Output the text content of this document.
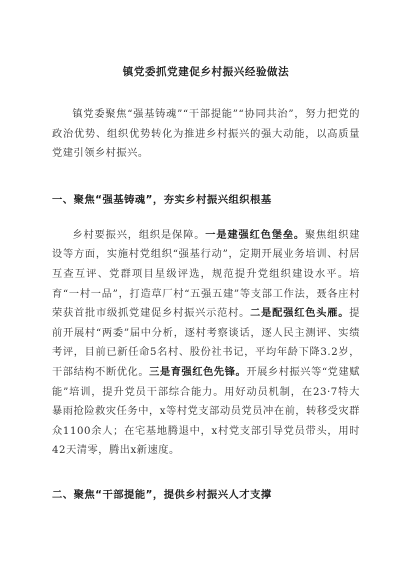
镇党委抓党建促乡村振兴经验做法

镇党委聚焦“强基铸魂”“干部提能”“协同共治”，努力把党的政治优势、组织优势转化为推进乡村振兴的强大动能，以高质量党建引领乡村振兴。

一、聚焦“强基铸魂”，夯实乡村振兴组织根基

乡村要振兴，组织是保障。一是建强红色堡垒。聚焦组织建设等方面，实施村党组织“强基行动”，定期开展业务培训、村居互查互评、党群项目星级评选，规范提升党组织建设水平。培育“一村一品”，打造草厂村“五强五建”等支部工作法，聂各庄村荣获首批市级抓党建促乡村振兴示范村。二是配强红色头雁。提前开展村“两委”届中分析，逐村考察谈话，逐人民主测评、实绩考评，目前已新任命5名村、股份社书记，平均年龄下降3.2岁，干部结构不断优化。三是育强红色先锋。开展乡村振兴等“党建赋能”培训，提升党员干部综合能力。用好动员机制，在23·7特大暴雨抢险救灾任务中，x等村党支部动员党员冲在前，转移受灾群众1100余人；在宅基地腾退中，x村党支部引导党员带头，用时42天清零，腾出x新速度。

二、聚焦“干部提能”，提供乡村振兴人才支撑
